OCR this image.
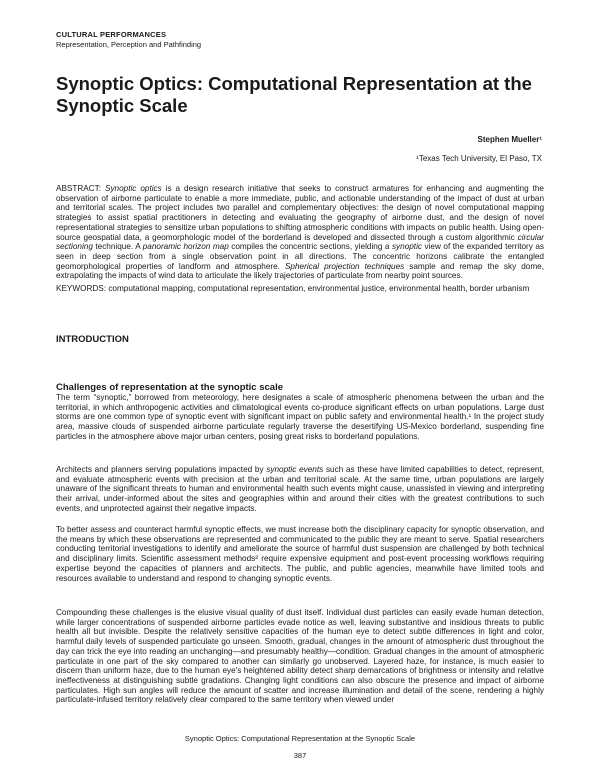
CULTURAL PERFORMANCES
Representation, Perception and Pathfinding
Synoptic Optics: Computational Representation at the Synoptic Scale
Stephen Mueller¹
¹Texas Tech University, El Paso, TX
ABSTRACT: Synoptic optics is a design research initiative that seeks to construct armatures for enhancing and augmenting the observation of airborne particulate to enable a more immediate, public, and actionable understanding of the impact of dust at urban and territorial scales. The project includes two parallel and complementary objectives: the design of novel computational mapping strategies to assist spatial practitioners in detecting and evaluating the geography of airborne dust, and the design of novel representational strategies to sensitize urban populations to shifting atmospheric conditions with impacts on public health. Using open-source geospatial data, a geomorphologic model of the borderland is developed and dissected through a custom algorithmic circular sectioning technique. A panoramic horizon map compiles the concentric sections, yielding a synoptic view of the expanded territory as seen in deep section from a single observation point in all directions. The concentric horizons calibrate the entangled geomorphological properties of landform and atmosphere. Spherical projection techniques sample and remap the sky dome, extrapolating the impacts of wind data to articulate the likely trajectories of particulate from nearby point sources.
KEYWORDS: computational mapping, computational representation, environmental justice, environmental health, border urbanism
INTRODUCTION
Challenges of representation at the synoptic scale
The term “synoptic,” borrowed from meteorology, here designates a scale of atmospheric phenomena between the urban and the territorial, in which anthropogenic activities and climatological events co-produce significant effects on urban populations. Large dust storms are one common type of synoptic event with significant impact on public safety and environmental health.¹ In the project study area, massive clouds of suspended airborne particulate regularly traverse the desertifying US-Mexico borderland, suspending fine particles in the atmosphere above major urban centers, posing great risks to borderland populations.
Architects and planners serving populations impacted by synoptic events such as these have limited capabilities to detect, represent, and evaluate atmospheric events with precision at the urban and territorial scale. At the same time, urban populations are largely unaware of the significant threats to human and environmental health such events might cause, unassisted in viewing and interpreting their arrival, under-informed about the sites and geographies within and around their cities with the greatest contributions to such events, and unprotected against their negative impacts.
To better assess and counteract harmful synoptic effects, we must increase both the disciplinary capacity for synoptic observation, and the means by which these observations are represented and communicated to the public they are meant to serve. Spatial researchers conducting territorial investigations to identify and ameliorate the source of harmful dust suspension are challenged by both technical and disciplinary limits. Scientific assessment methods² require expensive equipment and post-event processing workflows requiring expertise beyond the capacities of planners and architects. The public, and public agencies, meanwhile have limited tools and resources available to understand and respond to changing synoptic events.
Compounding these challenges is the elusive visual quality of dust itself. Individual dust particles can easily evade human detection, while larger concentrations of suspended airborne particles evade notice as well, leaving substantive and insidious threats to public health all but invisible. Despite the relatively sensitive capacities of the human eye to detect subtle differences in light and color, harmful daily levels of suspended particulate go unseen. Smooth, gradual, changes in the amount of atmospheric dust throughout the day can trick the eye into reading an unchanging—and presumably healthy—condition. Gradual changes in the amount of atmospheric particulate in one part of the sky compared to another can similarly go unobserved. Layered haze, for instance, is much easier to discern than uniform haze, due to the human eye's heightened ability detect sharp demarcations of brightness or intensity and relative ineffectiveness at distinguishing subtle gradations. Changing light conditions can also obscure the presence and impact of airborne particulates. High sun angles will reduce the amount of scatter and increase illumination and detail of the scene, rendering a highly particulate-infused territory relatively clear compared to the same territory when viewed under
Synoptic Optics: Computational Representation at the Synoptic Scale
387
